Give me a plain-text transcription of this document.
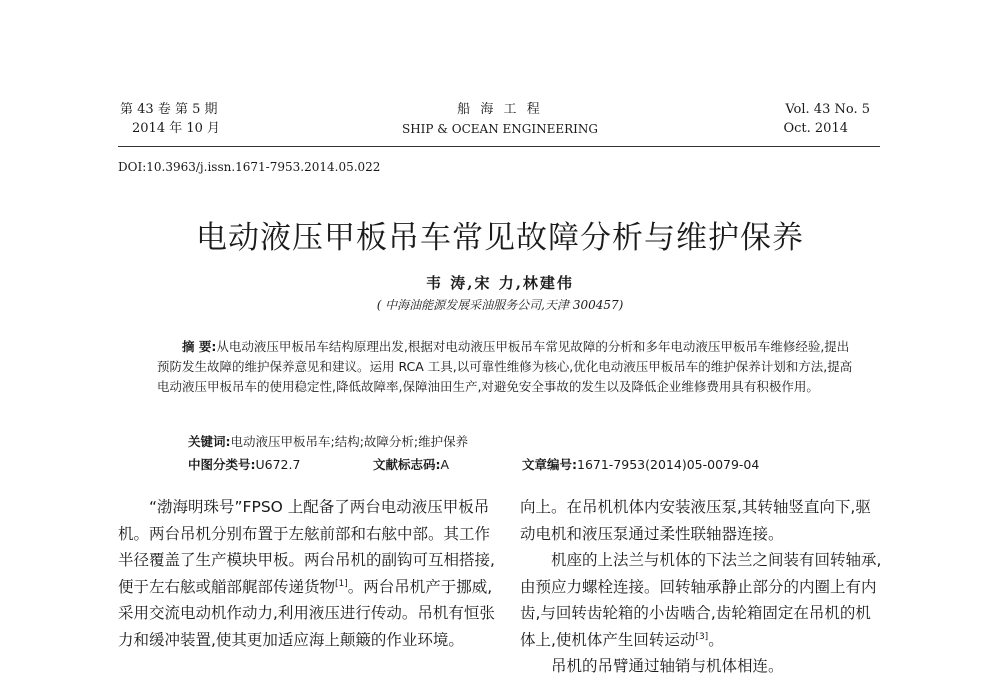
第 43 卷 第 5 期
2014 年 10 月
船 海 工 程
SHIP & OCEAN ENGINEERING
Vol. 43 No. 5
Oct. 2014
DOI:10.3963/j.issn.1671-7953.2014.05.022
电动液压甲板吊车常见故障分析与维护保养
韦 涛,宋 力,林建伟
( 中海油能源发展采油服务公司,天津 300457)

摘 要:从电动液压甲板吊车结构原理出发,根据对电动液压甲板吊车常见故障的分析和多年电动液压甲板吊车维修经验,提出预防发生故障的维护保养意见和建议。运用 RCA 工具,以可靠性维修为核心,优化电动液压甲板吊车的维护保养计划和方法,提高电动液压甲板吊车的使用稳定性,降低故障率,保障油田生产,对避免安全事故的发生以及降低企业维修费用具有积极作用。

关键词:电动液压甲板吊车;结构;故障分析;维护保养
中图分类号:U672.7	文献标志码:A	文章编号:1671-7953(2014)05-0079-04

“渤海明珠号”FPSO 上配备了两台电动液压甲板吊机。两台吊机分别布置于左舷前部和右舷中部。其工作半径覆盖了生产模块甲板。两台吊机的副钩可互相搭接,便于左右舷或艏部艉部传递货物[1]。两台吊机产于挪威,采用交流电动机作动力,利用液压进行传动。吊机有恒张力和缓冲装置,使其更加适应海上颠簸的作业环境。

向上。在吊机机体内安装液压泵,其转轴竖直向下,驱动电机和液压泵通过柔性联轴器连接。

机座的上法兰与机体的下法兰之间装有回转轴承,由预应力螺栓连接。回转轴承静止部分的内圈上有内齿,与回转齿轮箱的小齿啮合,齿轮箱固定在吊机的机体上,使机体产生回转运动[3]。

吊机的吊臂通过轴销与机体相连。
